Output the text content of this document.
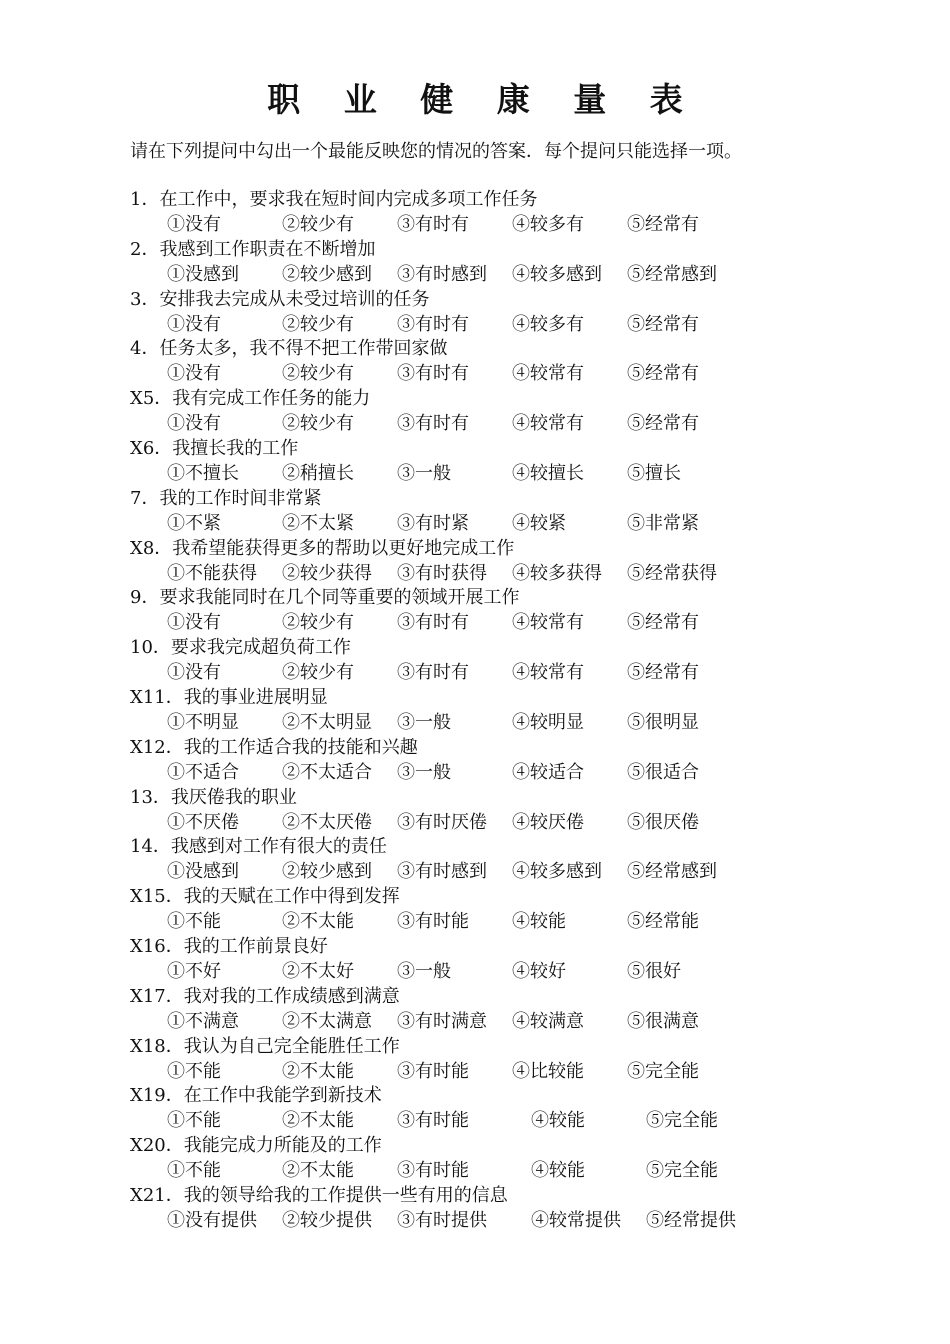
职 业 健 康 量 表
请在下列提问中勾出一个最能反映您的情况的答案．每个提问只能选择一项。
1．在工作中，要求我在短时间内完成多项工作任务
①没有	②较少有 ③有时有 ④较多有 ⑤经常有
2．我感到工作职责在不断增加
①没感到 ②较少感到 ③有时感到 ④较多感到 ⑤经常感到
3．安排我去完成从未受过培训的任务
①没有	②较少有 ③有时有 ④较多有 ⑤经常有
4．任务太多，我不得不把工作带回家做
①没有	②较少有 ③有时有 ④较常有 ⑤经常有
X5．我有完成工作任务的能力
①没有	②较少有 ③有时有 ④较常有 ⑤经常有
X6．我擅长我的工作
①不擅长 ②稍擅长 ③一般	④较擅长 ⑤擅长
7．我的工作时间非常紧
①不紧	②不太紧 ③有时紧 ④较紧	⑤非常紧
X8．我希望能获得更多的帮助以更好地完成工作
①不能获得 ②较少获得 ③有时获得 ④较多获得 ⑤经常获得
9．要求我能同时在几个同等重要的领域开展工作
①没有	②较少有 ③有时有 ④较常有 ⑤经常有
10．要求我完成超负荷工作
①没有	②较少有 ③有时有 ④较常有 ⑤经常有
X11．我的事业进展明显
①不明显 ②不太明显 ③一般	④较明显 ⑤很明显
X12．我的工作适合我的技能和兴趣
①不适合 ②不太适合 ③一般	④较适合 ⑤很适合
13．我厌倦我的职业
①不厌倦 ②不太厌倦 ③有时厌倦 ④较厌倦 ⑤很厌倦
14．我感到对工作有很大的责任
①没感到 ②较少感到 ③有时感到 ④较多感到 ⑤经常感到
X15．我的天赋在工作中得到发挥
①不能	②不太能 ③有时能 ④较能	⑤经常能
X16．我的工作前景良好
①不好	②不太好 ③一般	④较好	⑤很好
X17．我对我的工作成绩感到满意
①不满意 ②不太满意 ③有时满意 ④较满意 ⑤很满意
X18．我认为自己完全能胜任工作
①不能	②不太能 ③有时能 ④比较能 ⑤完全能
X19．在工作中我能学到新技术
①不能	②不太能 ③有时能	④较能	⑤完全能
X20．我能完成力所能及的工作
①不能	②不太能 ③有时能	④较能	⑤完全能
X21．我的领导给我的工作提供一些有用的信息
①没有提供 ②较少提供 ③有时提供 ④较常提供 ⑤经常提供
